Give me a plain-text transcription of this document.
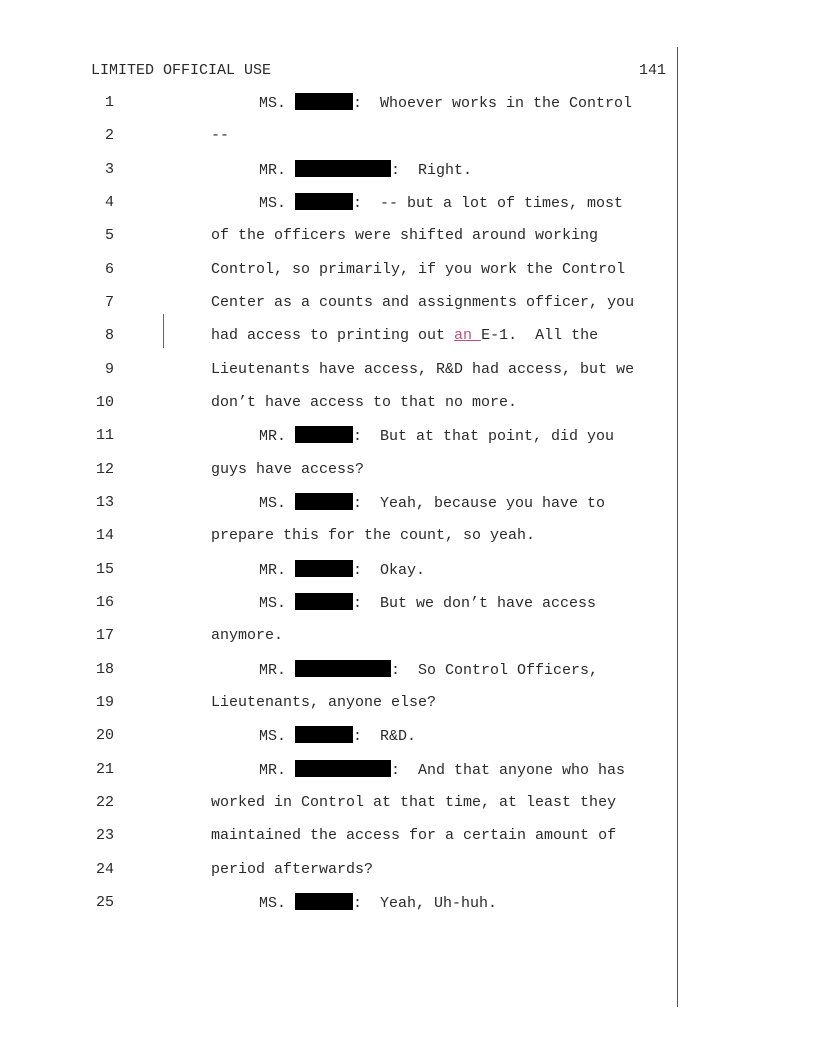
LIMITED OFFICIAL USE	141
1	MS.	:  Whoever works in the Control
2	--
3	MR.	:  Right.
4	MS.	:  -- but a lot of times, most
5	of the officers were shifted around working
6	Control, so primarily, if you work the Control
7	Center as a counts and assignments officer, you
8	had access to printing out an E-1.  All the
9	Lieutenants have access, R&D had access, but we
10	don’t have access to that no more.
11	MR.	:  But at that point, did you
12	guys have access?
13	MS.	:  Yeah, because you have to
14	prepare this for the count, so yeah.
15	MR.	:  Okay.
16	MS.	:  But we don’t have access
17	anymore.
18	MR.	:  So Control Officers,
19	Lieutenants, anyone else?
20	MS.	:  R&D.
21	MR.	:  And that anyone who has
22	worked in Control at that time, at least they
23	maintained the access for a certain amount of
24	period afterwards?
25	MS.	:  Yeah, Uh-huh.
